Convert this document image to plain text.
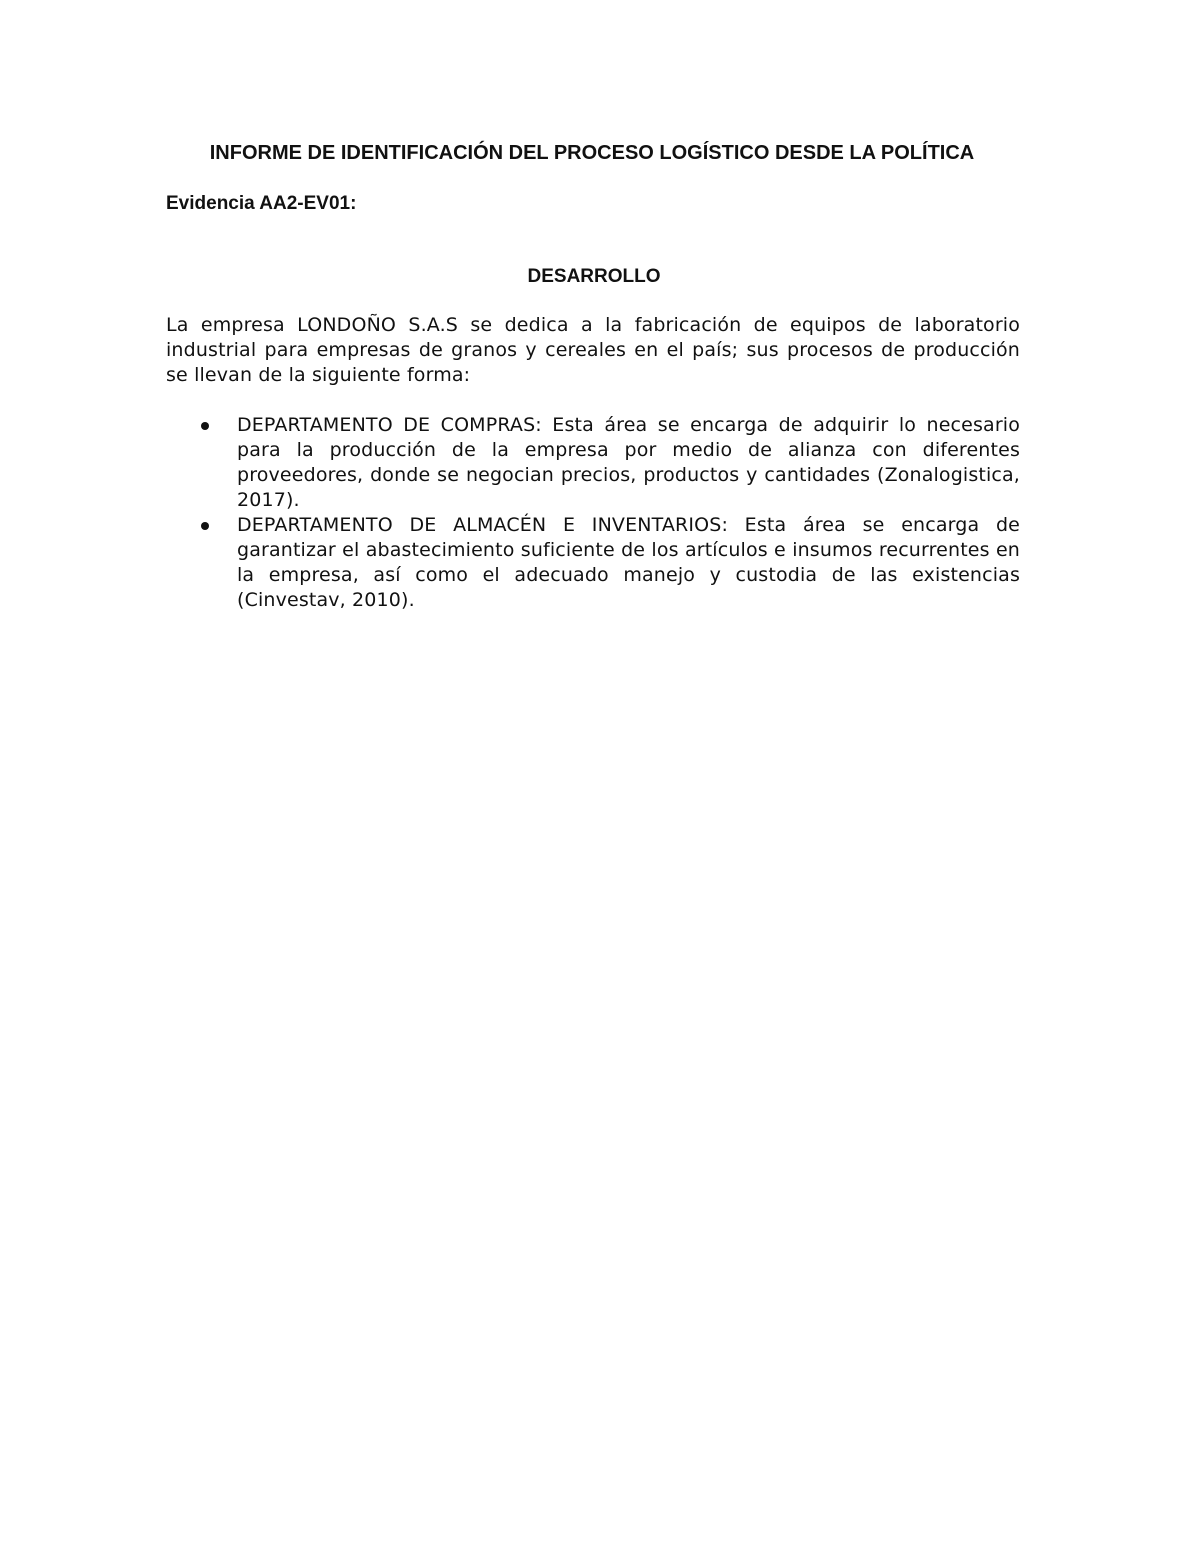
INFORME DE IDENTIFICACIÓN DEL PROCESO LOGÍSTICO DESDE LA POLÍTICA
Evidencia AA2-EV01:
DESARROLLO

La empresa LONDOÑO S.A.S se dedica a la fabricación de equipos de laboratorio industrial para empresas de granos y cereales en el país; sus procesos de producción se llevan de la siguiente forma:

DEPARTAMENTO DE COMPRAS: Esta área se encarga de adquirir lo necesario para la producción de la empresa por medio de alianza con diferentes proveedores, donde se negocian precios, productos y cantidades (Zonalogistica, 2017).
DEPARTAMENTO DE ALMACÉN E INVENTARIOS: Esta área se encarga de garantizar el abastecimiento suficiente de los artículos e insumos recurrentes en la empresa, así como el adecuado manejo y custodia de las existencias (Cinvestav, 2010).
